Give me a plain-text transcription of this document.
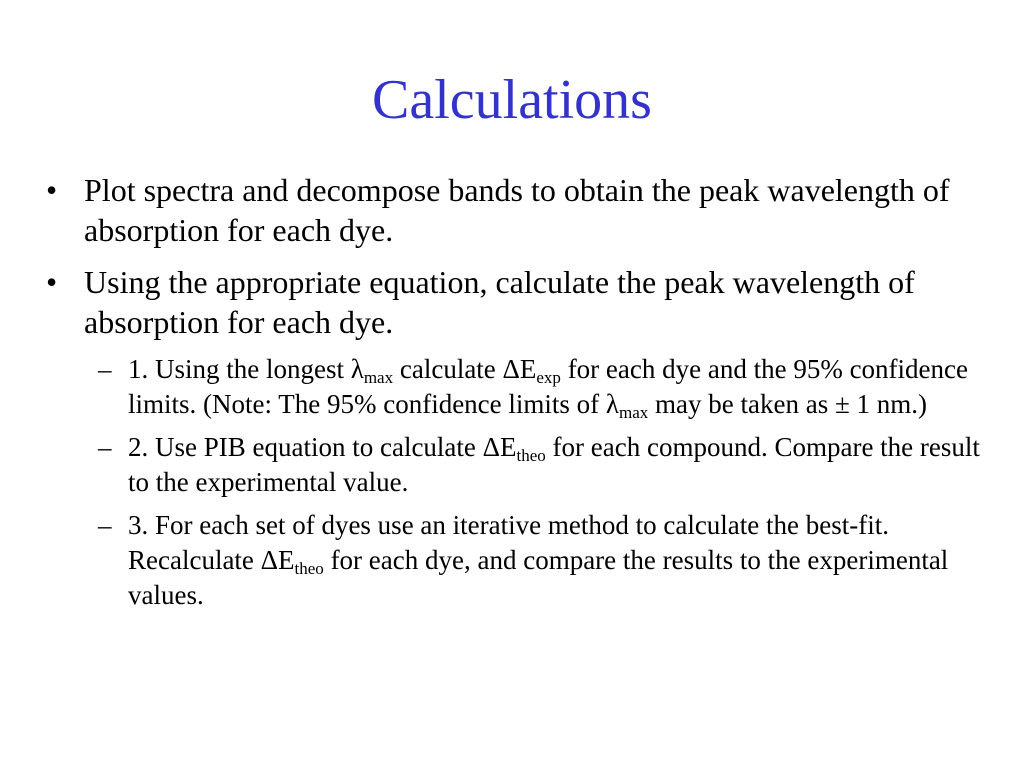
Calculations
• Plot spectra and decompose bands to obtain the peak wavelength of absorption for each dye.
• Using the appropriate equation, calculate the peak wavelength of absorption for each dye.
– 1. Using the longest $\lambda_{max}$ calculate $\Delta E_{exp}$ for each dye and the 95% confidence limits. (Note: The 95% confidence limits of $\lambda_{max}$ may be taken as ± 1 nm.)
– 2. Use PIB equation to calculate $\Delta E_{theo}$ for each compound. Compare the result to the experimental value.
– 3. For each set of dyes use an iterative method to calculate the best-fit. Recalculate $\Delta E_{theo}$ for each dye, and compare the results to the experimental values.
